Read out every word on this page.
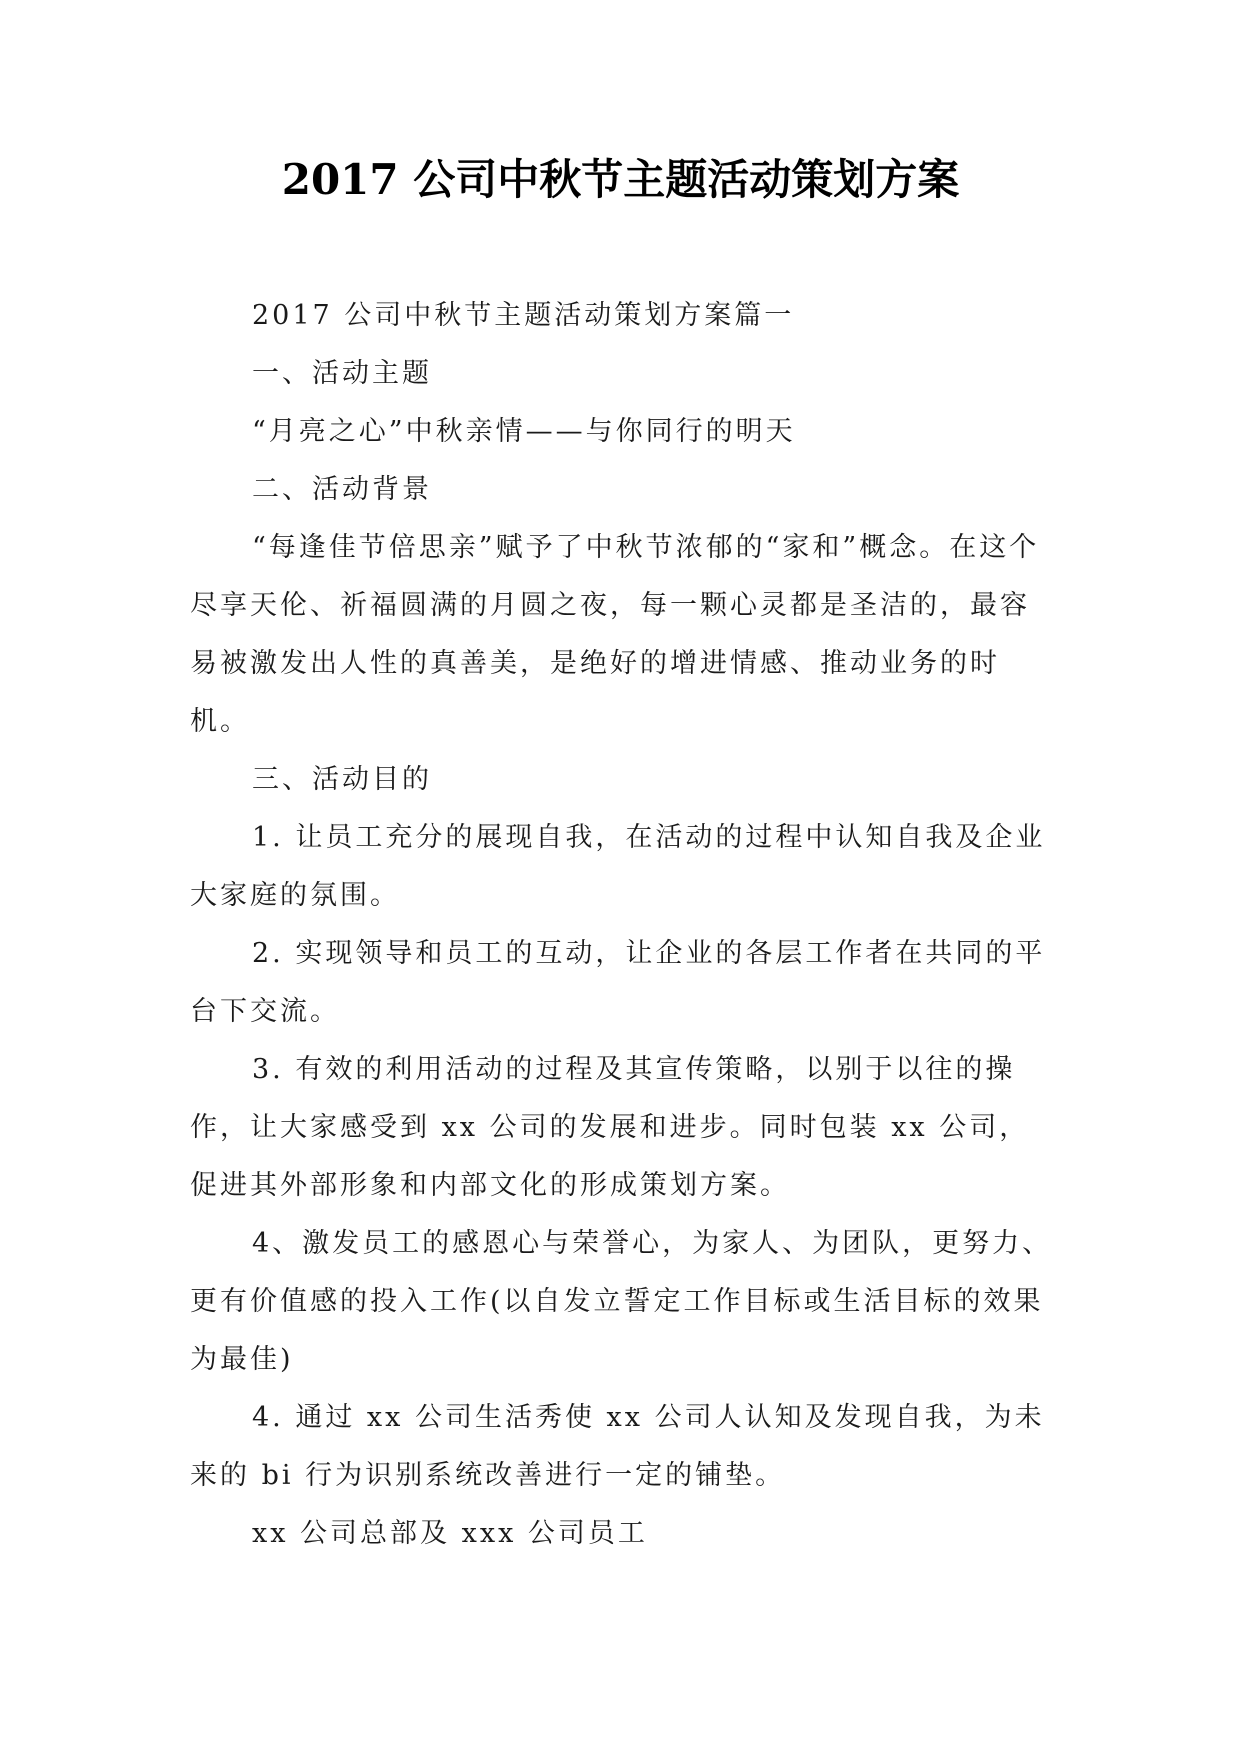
2017 公司中秋节主题活动策划方案

2017 公司中秋节主题活动策划方案篇一

一、活动主题

“月亮之心”中秋亲情——与你同行的明天

二、活动背景

“每逢佳节倍思亲”赋予了中秋节浓郁的“家和”概念。在这个尽享天伦、祈福圆满的月圆之夜，每一颗心灵都是圣洁的，最容易被激发出人性的真善美，是绝好的增进情感、推动业务的时机。

三、活动目的

1. 让员工充分的展现自我，在活动的过程中认知自我及企业大家庭的氛围。

2. 实现领导和员工的互动，让企业的各层工作者在共同的平台下交流。

3. 有效的利用活动的过程及其宣传策略，以别于以往的操作，让大家感受到 xx 公司的发展和进步。同时包装 xx 公司，促进其外部形象和内部文化的形成策划方案。

4、激发员工的感恩心与荣誉心，为家人、为团队，更努力、更有价值感的投入工作(以自发立誓定工作目标或生活目标的效果为最佳)

4. 通过 xx 公司生活秀使 xx 公司人认知及发现自我，为未来的 bi 行为识别系统改善进行一定的铺垫。

xx 公司总部及 xxx 公司员工
